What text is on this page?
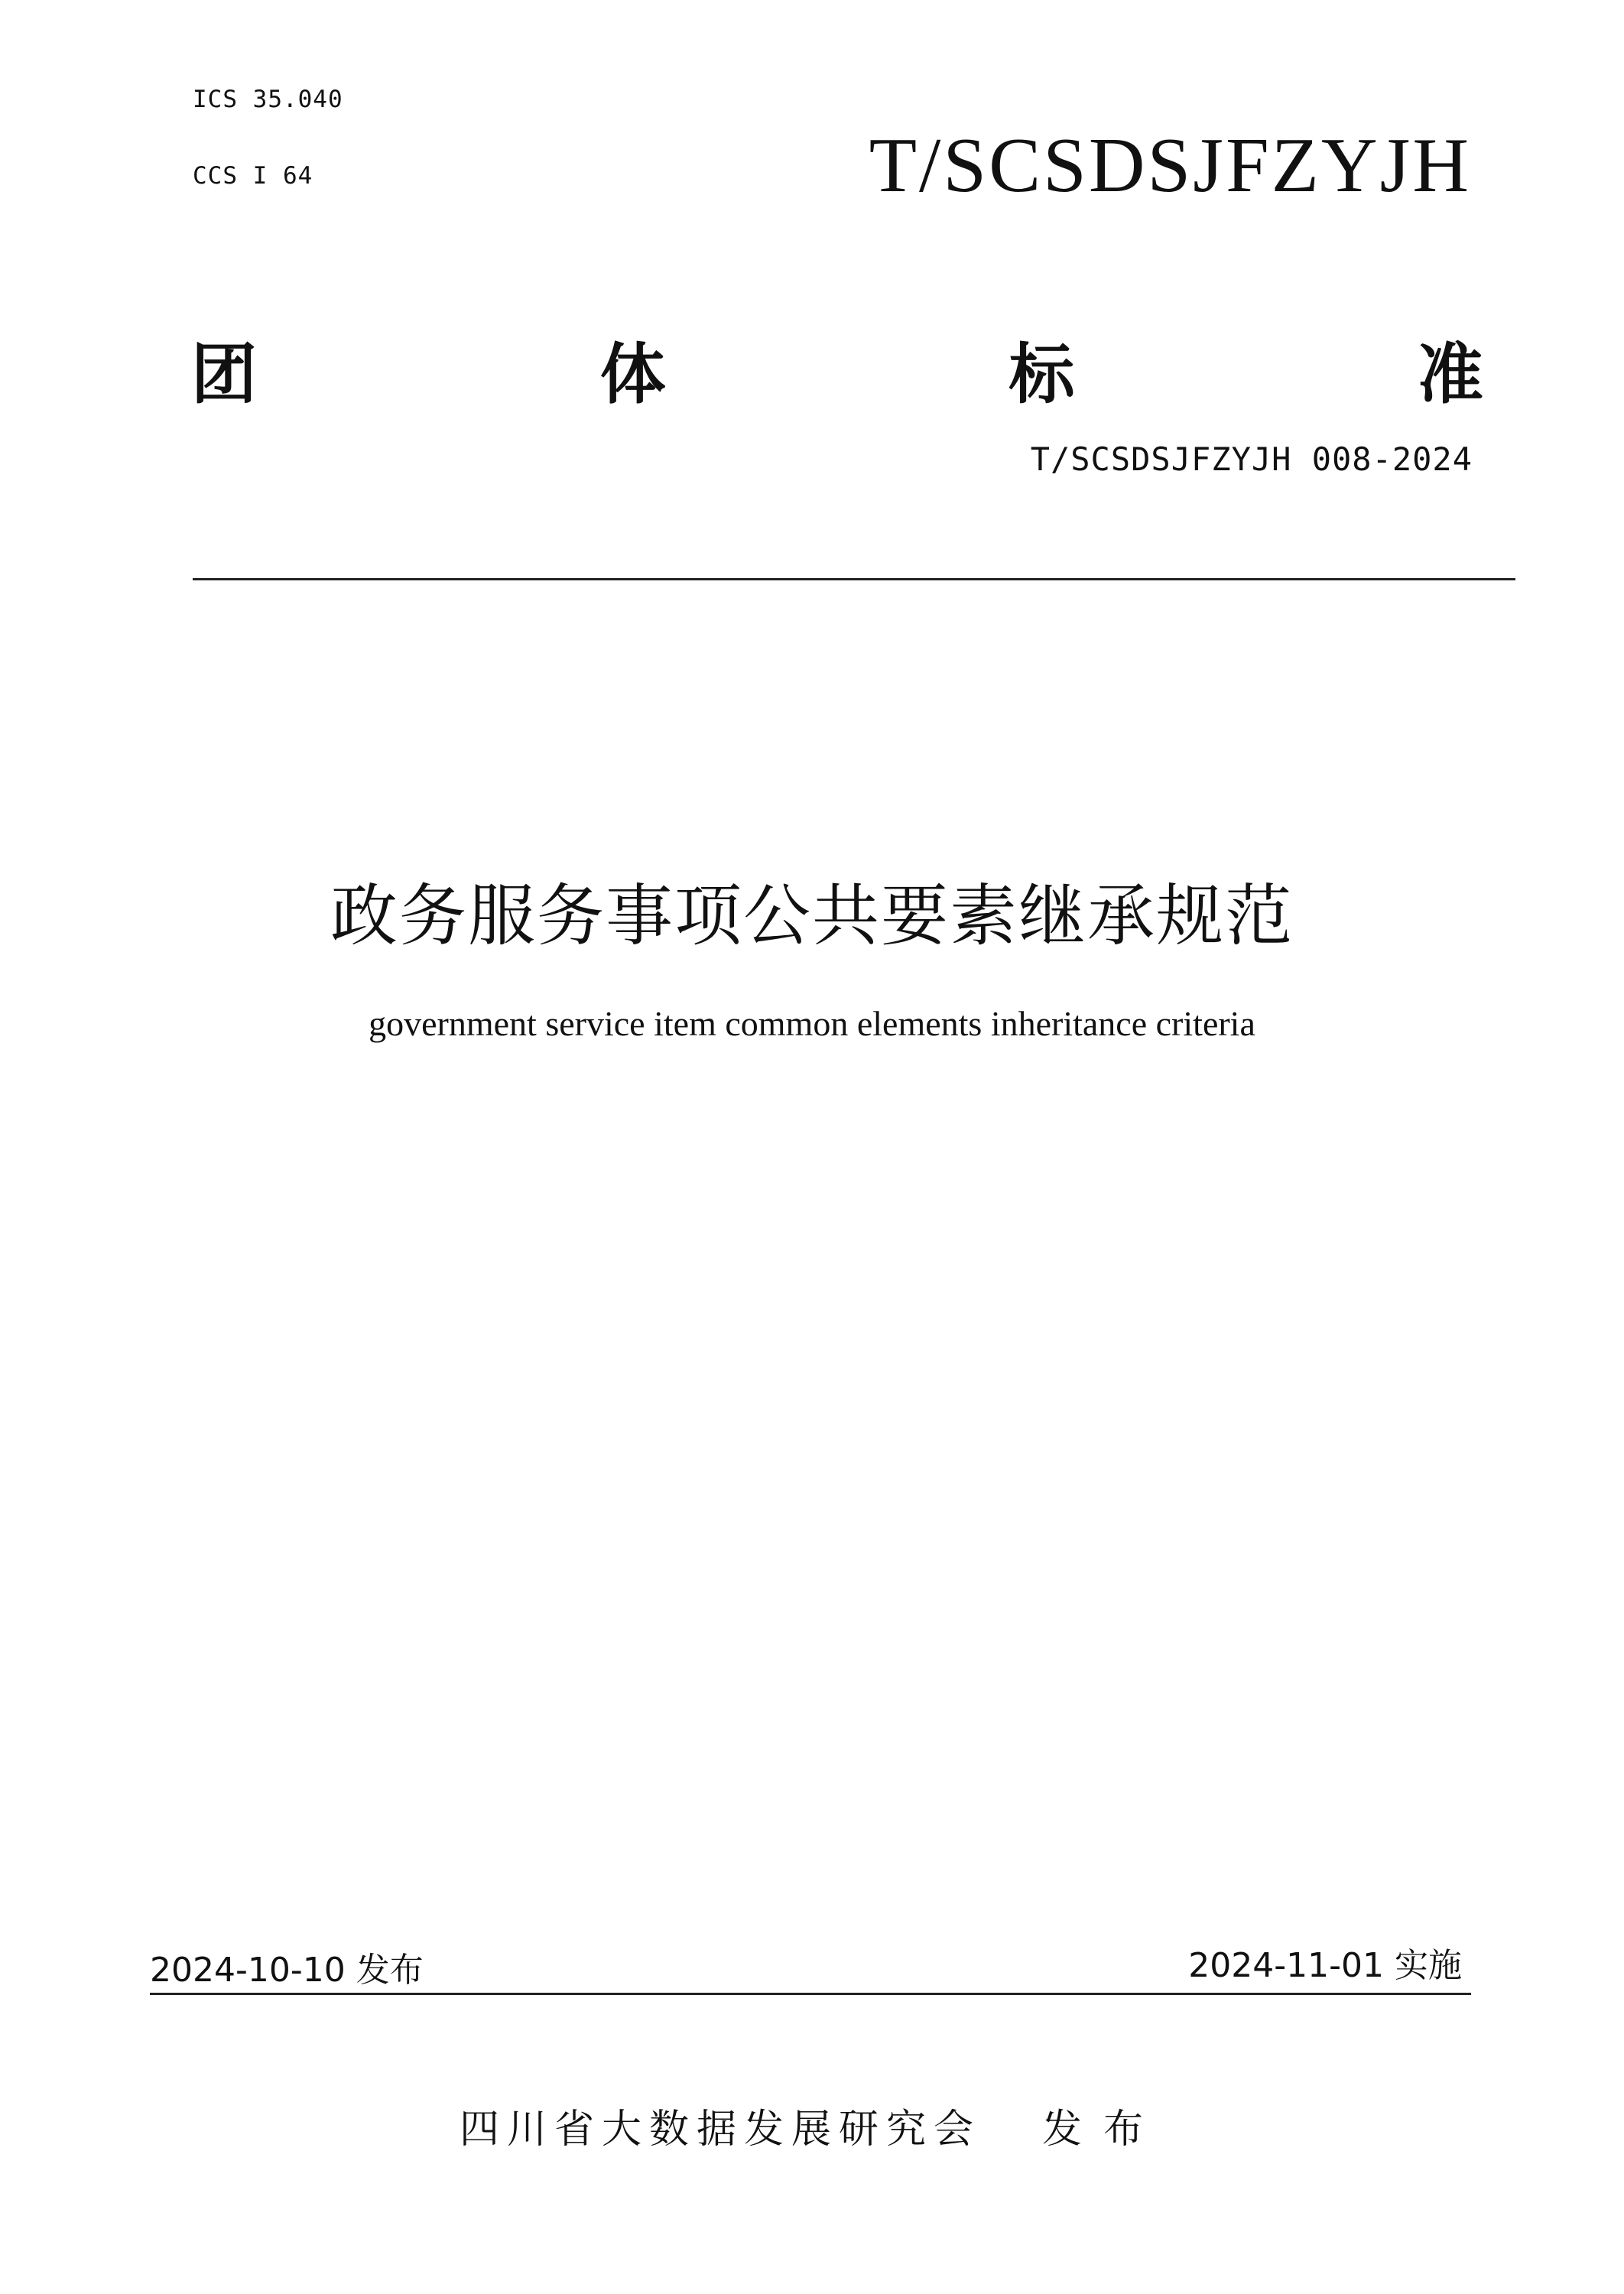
ICS 35.040
CCS I 64	T/SCSDSJFZYJH
团	体	标	准
T/SCSDSJFZYJH 008-2024
政务服务事项公共要素继承规范
government service item common elements inheritance criteria
2024-10-10 发布	2024-11-01 实施
四川省大数据发展研究会 发布
